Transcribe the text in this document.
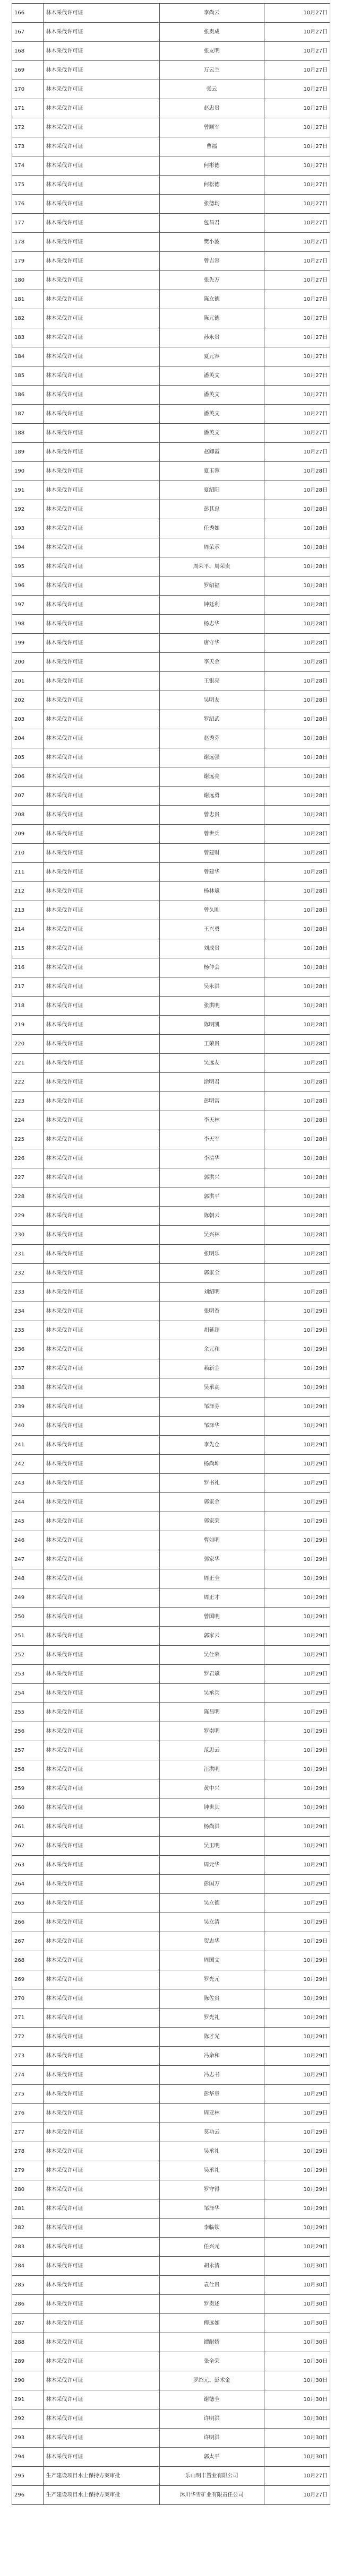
166	林木采伐许可证	李尚云	10月27日
167	林木采伐许可证	张贵成	10月27日
168	林木采伐许可证	张友明	10月27日
169	林木采伐许可证	万云兰	10月27日
170	林木采伐许可证	张云	10月27日
171	林木采伐许可证	赵忠贵	10月27日
172	林木采伐许可证	曾顺军	10月27日
173	林木采伐许可证	曹福	10月27日
174	林木采伐许可证	何彬德	10月27日
175	林木采伐许可证	何松德	10月27日
176	林木采伐许可证	张德均	10月27日
177	林木采伐许可证	包昌君	10月27日
178	林木采伐许可证	樊小波	10月27日
179	林木采伐许可证	曾吉容	10月27日
180	林木采伐许可证	张先万	10月27日
181	林木采伐许可证	陈立德	10月27日
182	林木采伐许可证	陈元德	10月27日
183	林木采伐许可证	孙永贵	10月27日
184	林木采伐许可证	夏元容	10月27日
185	林木采伐许可证	潘英文	10月27日
186	林木采伐许可证	潘英文	10月27日
187	林木采伐许可证	潘英文	10月27日
188	林木采伐许可证	潘英文	10月27日
189	林木采伐许可证	赵卿霞	10月27日
190	林木采伐许可证	夏玉蓉	10月28日
191	林木采伐许可证	夏绍阳	10月28日
192	林木采伐许可证	彭其忠	10月28日
193	林木采伐许可证	任秀如	10月28日
194	林木采伐许可证	周荣承	10月28日
195	林木采伐许可证	周荣平、周荣贵	10月28日
196	林木采伐许可证	罗绍福	10月28日
197	林木采伐许可证	钟廷利	10月28日
198	林木采伐许可证	杨志华	10月28日
199	林木采伐许可证	唐守华	10月28日
200	林木采伐许可证	李天金	10月28日
201	林木采伐许可证	王银亮	10月28日
202	林木采伐许可证	吴明友	10月28日
203	林木采伐许可证	罗绍武	10月28日
204	林木采伐许可证	赵秀芬	10月28日
205	林木采伐许可证	谢远强	10月28日
206	林木采伐许可证	谢远亮	10月28日
207	林木采伐许可证	谢远勇	10月28日
208	林木采伐许可证	曾忠贵	10月28日
209	林木采伐许可证	曾世兵	10月28日
210	林木采伐许可证	曾建财	10月28日
211	林木采伐许可证	曾建华	10月28日
212	林木采伐许可证	杨林斌	10月28日
213	林木采伐许可证	曾久刚	10月28日
214	林木采伐许可证	王兴勇	10月28日
215	林木采伐许可证	刘成贵	10月28日
216	林木采伐许可证	杨仲会	10月28日
217	林木采伐许可证	吴永洪	10月28日
218	林木采伐许可证	张洪明	10月28日
219	林木采伐许可证	陈明凯	10月28日
220	林木采伐许可证	王荣贵	10月28日
221	林木采伐许可证	吴远友	10月28日
222	林木采伐许可证	涂明君	10月28日
223	林木采伐许可证	彭明富	10月28日
224	林木采伐许可证	李天林	10月28日
225	林木采伐许可证	李天军	10月28日
226	林木采伐许可证	李清华	10月28日
227	林木采伐许可证	郭洪兴	10月28日
228	林木采伐许可证	郭洪平	10月28日
229	林木采伐许可证	陈朝云	10月28日
230	林木采伐许可证	吴兴林	10月28日
231	林木采伐许可证	张明乐	10月28日
232	林木采伐许可证	郭家全	10月28日
233	林木采伐许可证	刘绍明	10月28日
234	林木采伐许可证	张明香	10月29日
235	林木采伐许可证	胡延超	10月29日
236	林木采伐许可证	余元和	10月29日
237	林木采伐许可证	赖新金	10月29日
238	林木采伐许可证	吴承高	10月29日
239	林木采伐许可证	邹泽芬	10月29日
240	林木采伐许可证	邹泽华	10月29日
241	林木采伐许可证	李先仓	10月29日
242	林木采伐许可证	杨尚坤	10月29日
243	林木采伐许可证	罗书礼	10月29日
244	林木采伐许可证	郭家金	10月29日
245	林木采伐许可证	郭家荣	10月29日
246	林木采伐许可证	曹如明	10月29日
247	林木采伐许可证	郭家华	10月29日
248	林木采伐许可证	周正全	10月29日
249	林木采伐许可证	周正才	10月29日
250	林木采伐许可证	曾国明	10月29日
251	林木采伐许可证	郭家云	10月29日
252	林木采伐许可证	吴仕荣	10月29日
253	林木采伐许可证	罗君斌	10月29日
254	林木采伐许可证	吴承兵	10月29日
255	林木采伐许可证	陈昌明	10月29日
256	林木采伐许可证	罗崇明	10月29日
257	林木采伐许可证	范思云	10月29日
258	林木采伐许可证	汪洪明	10月29日
259	林木采伐许可证	黄中兴	10月29日
260	林木采伐许可证	钟世其	10月29日
261	林木采伐许可证	杨尚洪	10月29日
262	林木采伐许可证	吴玉明	10月29日
263	林木采伐许可证	周元华	10月29日
264	林木采伐许可证	彭国万	10月29日
265	林木采伐许可证	吴立德	10月29日
266	林木采伐许可证	吴立清	10月29日
267	林木采伐许可证	贺志华	10月29日
268	林木采伐许可证	周国文	10月29日
269	林木采伐许可证	罗光元	10月29日
270	林木采伐许可证	陈佐贵	10月29日
271	林木采伐许可证	罗光礼	10月29日
272	林木采伐许可证	陈才光	10月29日
273	林木采伐许可证	冯余和	10月29日
274	林木采伐许可证	冯志书	10月29日
275	林木采伐许可证	彭华章	10月29日
276	林木采伐许可证	周亚林	10月29日
277	林木采伐许可证	莫功云	10月29日
278	林木采伐许可证	吴承礼	10月29日
279	林木采伐许可证	吴承礼	10月29日
280	林木采伐许可证	罗守得	10月29日
281	林木采伐许可证	邹泽华	10月29日
282	林木采伐许可证	李临钦	10月29日
283	林木采伐许可证	任兴元	10月29日
284	林木采伐许可证	胡永清	10月30日
285	林木采伐许可证	袁仕贵	10月30日
286	林木采伐许可证	罗贵述	10月30日
287	林木采伐许可证	傅远如	10月30日
288	林木采伐许可证	谭耐娇	10月30日
289	林木采伐许可证	张全荣	10月30日
290	林木采伐许可证	罗绍元、彭术金	10月30日
291	林木采伐许可证	谢德全	10月30日
292	林木采伐许可证	许明洪	10月30日
293	林木采伐许可证	许明洪	10月30日
294	林木采伐许可证	郭太平	10月30日
295	生产建设项目水土保持方案审批	乐山明丰置业有限公司	10月27日
296	生产建设项目水土保持方案审批	沐川华雪矿业有限责任公司	10月27日
